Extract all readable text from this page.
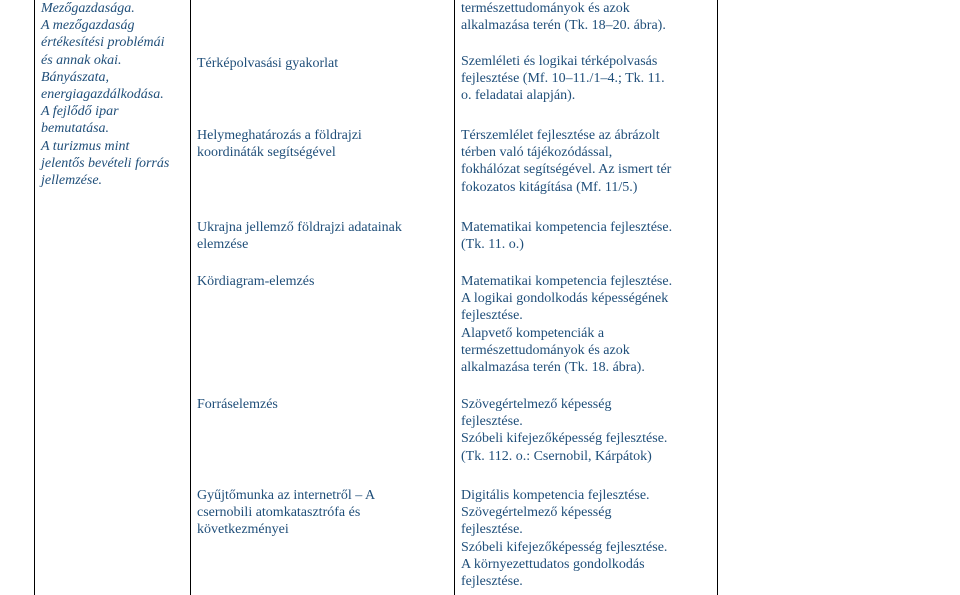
Mezőgazdasága.
A mezőgazdaság
értékesítési problémái
és annak okai.
Bányászata,
energiagazdálkodása.
A fejlődő ipar
bemutatása.
A turizmus mint
jelentős bevételi forrás
jellemzése.
Térképolvasási gyakorlat
Helymeghatározás a földrajzi
koordináták segítségével
Ukrajna jellemző földrajzi adatainak
elemzése
Kördiagram-elemzés
Forráselemzés
Gyűjtőmunka az internetről – A
csernobili atomkatasztrófa és
következményei
természettudományok és azok
alkalmazása terén (Tk. 18–20. ábra).
Szemléleti és logikai térképolvasás
fejlesztése (Mf. 10–11./1–4.; Tk. 11.
o. feladatai alapján).
Térszemlélet fejlesztése az ábrázolt
térben való tájékozódással,
fokhálózat segítségével. Az ismert tér
fokozatos kitágítása (Mf. 11/5.)
Matematikai kompetencia fejlesztése.
(Tk. 11. o.)
Matematikai kompetencia fejlesztése.
A logikai gondolkodás képességének
fejlesztése.
Alapvető kompetenciák a
természettudományok és azok
alkalmazása terén (Tk. 18. ábra).
Szövegértelmező képesség
fejlesztése.
Szóbeli kifejezőképesség fejlesztése.
(Tk. 112. o.: Csernobil, Kárpátok)
Digitális kompetencia fejlesztése.
Szövegértelmező képesség
fejlesztése.
Szóbeli kifejezőképesség fejlesztése.
A környezettudatos gondolkodás
fejlesztése.
